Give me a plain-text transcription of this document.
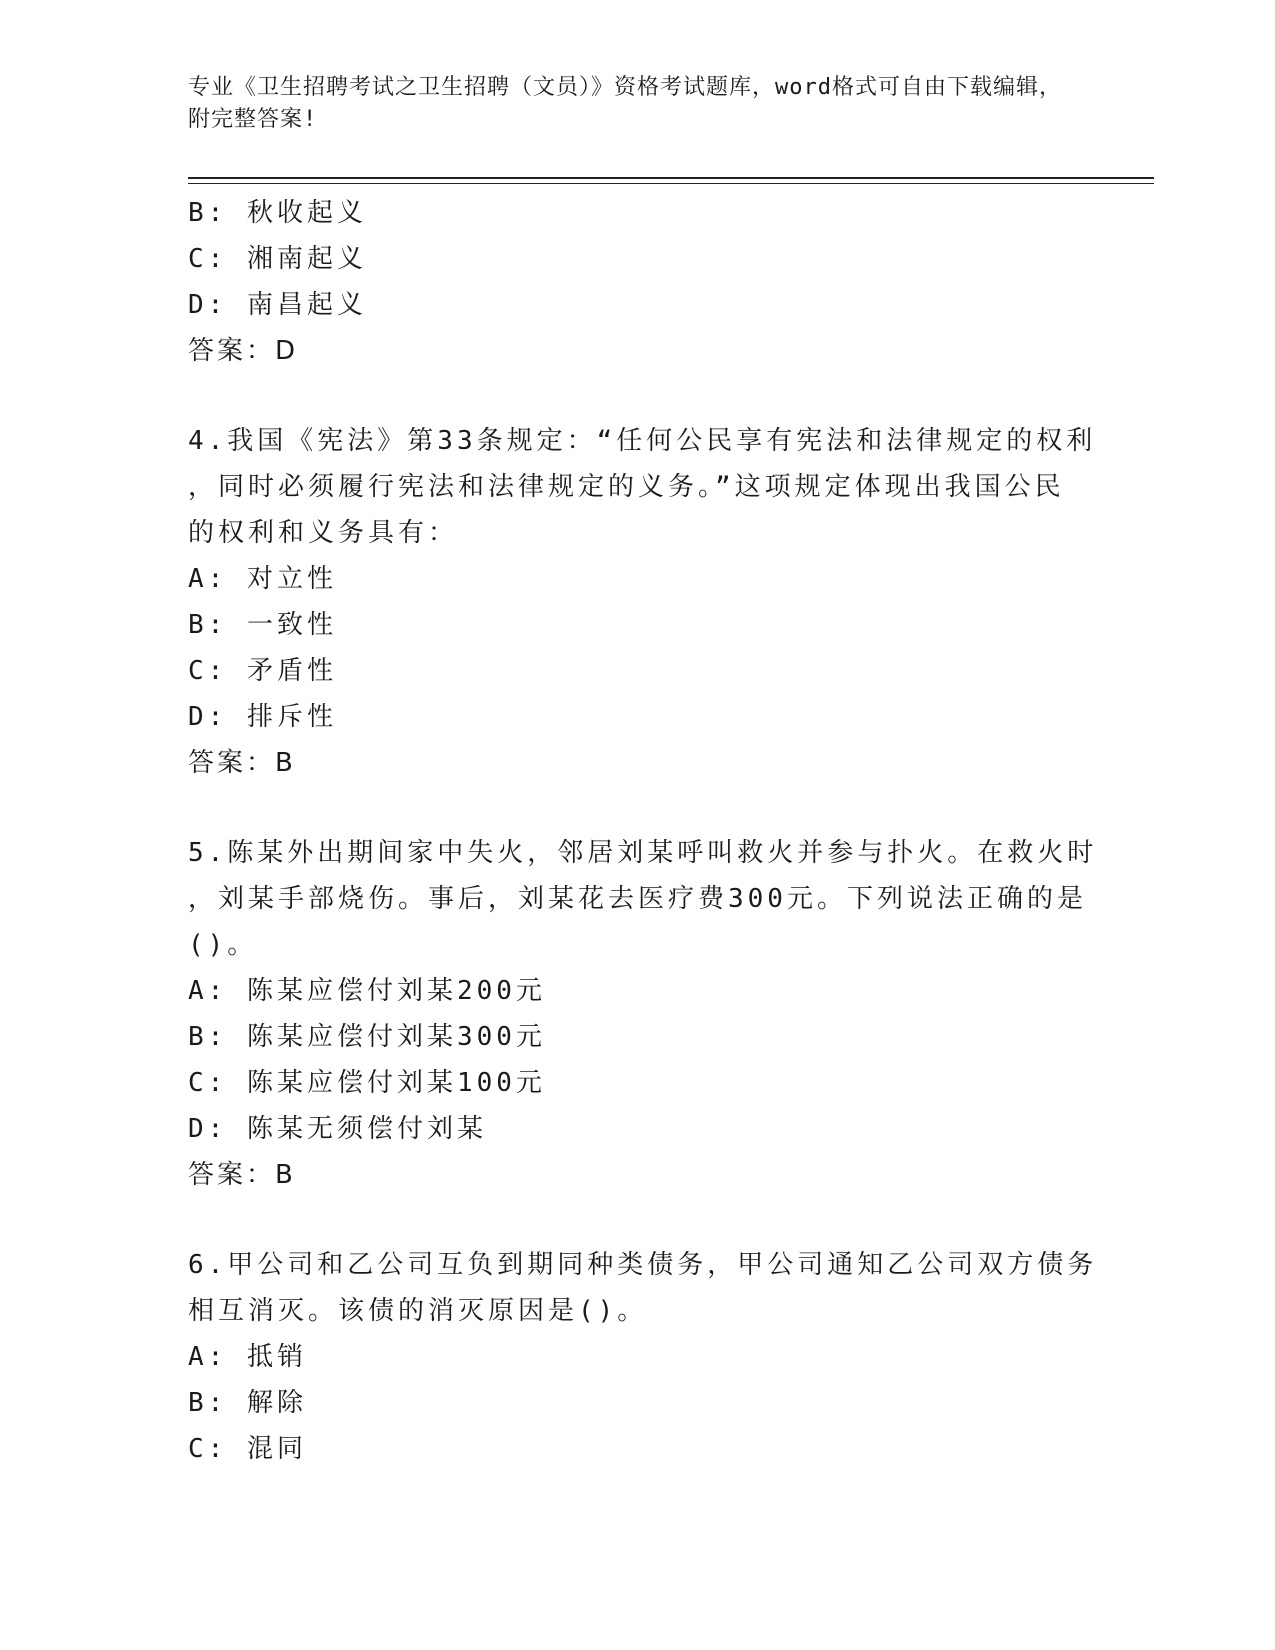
专业《卫生招聘考试之卫生招聘（文员）》资格考试题库，word格式可自由下载编辑，附完整答案!
B: 秋收起义
C: 湘南起义
D: 南昌起义
答案：D
4.我国《宪法》第33条规定：“任何公民享有宪法和法律规定的权利
，同时必须履行宪法和法律规定的义务。”这项规定体现出我国公民
的权利和义务具有：
A: 对立性
B: 一致性
C: 矛盾性
D: 排斥性
答案：B
5.陈某外出期间家中失火，邻居刘某呼叫救火并参与扑火。在救火时
，刘某手部烧伤。事后，刘某花去医疗费300元。下列说法正确的是
()。
A: 陈某应偿付刘某200元
B: 陈某应偿付刘某300元
C: 陈某应偿付刘某100元
D: 陈某无须偿付刘某
答案：B
6.甲公司和乙公司互负到期同种类债务，甲公司通知乙公司双方债务
相互消灭。该债的消灭原因是()。
A: 抵销
B: 解除
C: 混同
